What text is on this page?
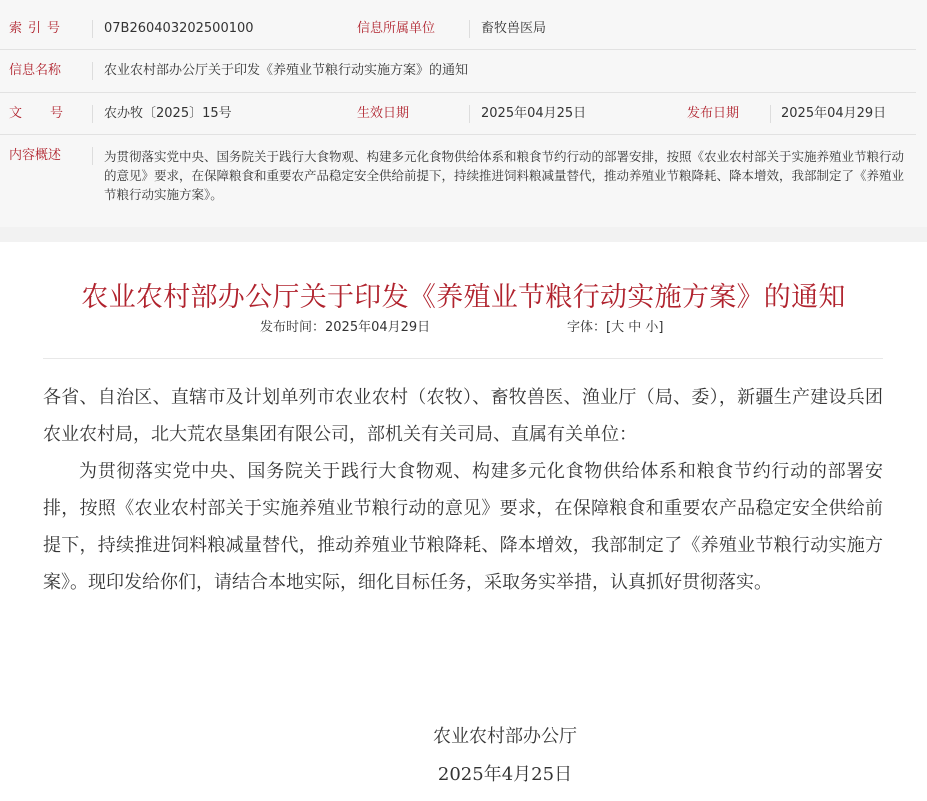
索引号	07B260403202500100	信息所属单位	畜牧兽医局
信息名称	农业农村部办公厅关于印发《养殖业节粮行动实施方案》的通知
文号 农办牧〔2025〕15号	生效日期	2025年04月25日	发布日期	2025年04月29日
内容概述	为贯彻落实党中央、国务院关于践行大食物观、构建多元化食物供给体系和粮食节约行动的部署安排，按照《农业农村部关于实施养殖业节粮行动的意见》要求，在保障粮食和重要农产品稳定安全供给前提下，持续推进饲料粮减量替代，推动养殖业节粮降耗、降本增效，我部制定了《养殖业节粮行动实施方案》。
农业农村部办公厅关于印发《养殖业节粮行动实施方案》的通知
发布时间：2025年04月29日	字体：[大 中 小]

各省、自治区、直辖市及计划单列市农业农村（农牧）、畜牧兽医、渔业厅（局、委），新疆生产建设兵团农业农村局，北大荒农垦集团有限公司，部机关有关司局、直属有关单位：

为贯彻落实党中央、国务院关于践行大食物观、构建多元化食物供给体系和粮食节约行动的部署安排，按照《农业农村部关于实施养殖业节粮行动的意见》要求，在保障粮食和重要农产品稳定安全供给前提下，持续推进饲料粮减量替代，推动养殖业节粮降耗、降本增效，我部制定了《养殖业节粮行动实施方案》。现印发给你们，请结合本地实际，细化目标任务，采取务实举措，认真抓好贯彻落实。

农业农村部办公厅
2025年4月25日
